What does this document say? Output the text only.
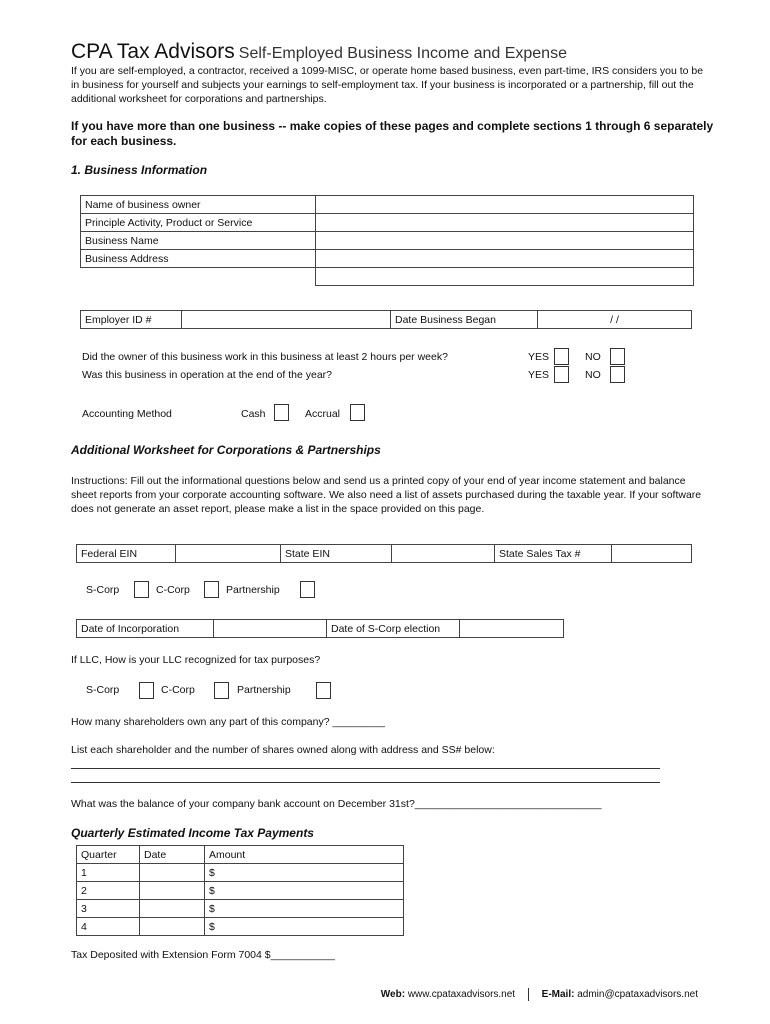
CPA Tax Advisors Self-Employed Business Income and Expense
If you are self-employed, a contractor, received a 1099-MISC, or operate home based business, even part-time, IRS considers you to be in business for yourself and subjects your earnings to self-employment tax. If your business is incorporated or a partnership, fill out the additional worksheet for corporations and partnerships.
If you have more than one business -- make copies of these pages and complete sections 1 through 6 separately for each business.
1. Business Information
Name of business owner	
Principle Activity, Product or Service	
Business Name	
Business Address	

Employer ID #		Date Business Began	/ /
Did the owner of this business work in this business at least 2 hours per week?
Was this business in operation at the end of the year?
YES	NO
YES	NO
Accounting Method	Cash	Accrual
Additional Worksheet for Corporations & Partnerships
Instructions: Fill out the informational questions below and send us a printed copy of your end of year income statement and balance sheet reports from your corporate accounting software. We also need a list of assets purchased during the taxable year. If your software does not generate an asset report, please make a list in the space provided on this page.
Federal EIN		State EIN		State Sales Tax #	
S-Corp	C-Corp	Partnership
Date of Incorporation		Date of S-Corp election	
If LLC, How is your LLC recognized for tax purposes?
S-Corp	C-Corp	Partnership
How many shareholders own any part of this company? _________
List each shareholder and the number of shares owned along with address and SS# below:
What was the balance of your company bank account on December 31st?________________________________
Quarterly Estimated Income Tax Payments
Quarter	Date	Amount
1		$
2		$
3		$
4		$
Tax Deposited with Extension Form 7004 $___________
Web: www.cpataxadvisors.net	E-Mail: admin@cpataxadvisors.net
